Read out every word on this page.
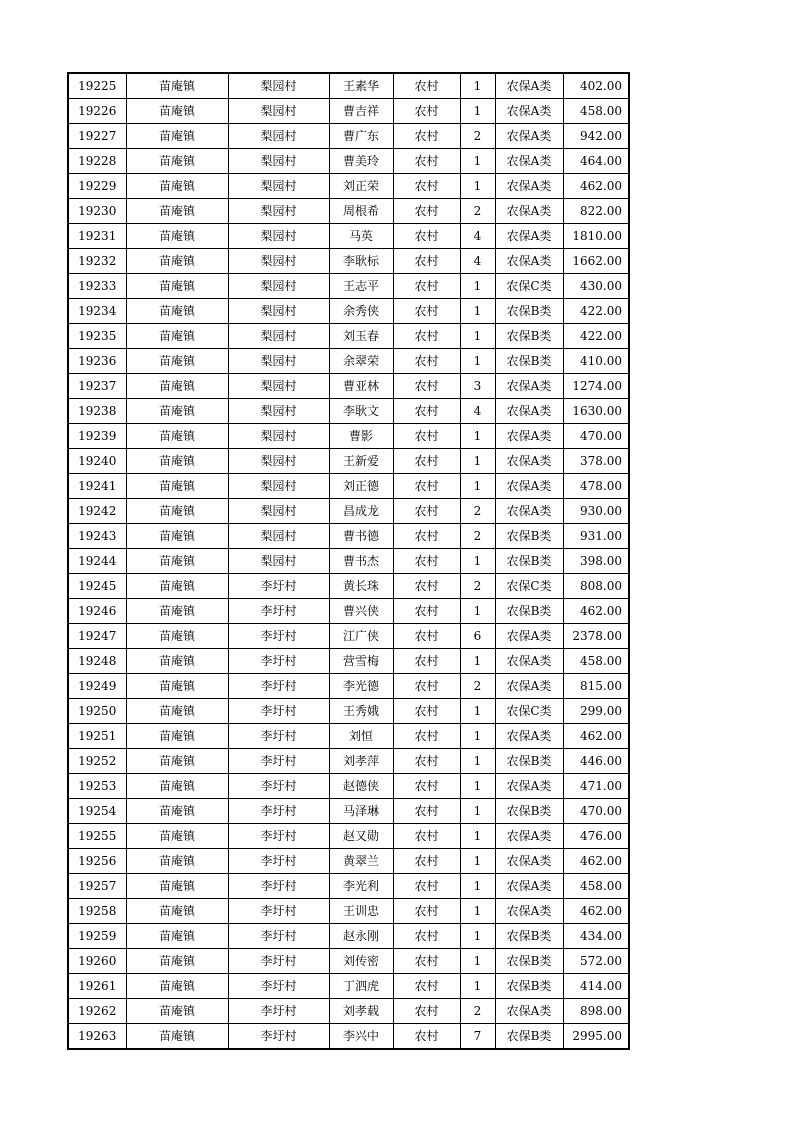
19225	苗庵镇	梨园村	王素华	农村	1	农保A类	402.00
19226	苗庵镇	梨园村	曹吉祥	农村	1	农保A类	458.00
19227	苗庵镇	梨园村	曹广东	农村	2	农保A类	942.00
19228	苗庵镇	梨园村	曹美玲	农村	1	农保A类	464.00
19229	苗庵镇	梨园村	刘正荣	农村	1	农保A类	462.00
19230	苗庵镇	梨园村	周根希	农村	2	农保A类	822.00
19231	苗庵镇	梨园村	马英	农村	4	农保A类	1810.00
19232	苗庵镇	梨园村	李耿标	农村	4	农保A类	1662.00
19233	苗庵镇	梨园村	王志平	农村	1	农保C类	430.00
19234	苗庵镇	梨园村	余秀侠	农村	1	农保B类	422.00
19235	苗庵镇	梨园村	刘玉春	农村	1	农保B类	422.00
19236	苗庵镇	梨园村	余翠荣	农村	1	农保B类	410.00
19237	苗庵镇	梨园村	曹亚林	农村	3	农保A类	1274.00
19238	苗庵镇	梨园村	李耿文	农村	4	农保A类	1630.00
19239	苗庵镇	梨园村	曹影	农村	1	农保A类	470.00
19240	苗庵镇	梨园村	王新爱	农村	1	农保A类	378.00
19241	苗庵镇	梨园村	刘正德	农村	1	农保A类	478.00
19242	苗庵镇	梨园村	昌成龙	农村	2	农保A类	930.00
19243	苗庵镇	梨园村	曹书德	农村	2	农保B类	931.00
19244	苗庵镇	梨园村	曹书杰	农村	1	农保B类	398.00
19245	苗庵镇	李圩村	黄长珠	农村	2	农保C类	808.00
19246	苗庵镇	李圩村	曹兴侠	农村	1	农保B类	462.00
19247	苗庵镇	李圩村	江广侠	农村	6	农保A类	2378.00
19248	苗庵镇	李圩村	营雪梅	农村	1	农保A类	458.00
19249	苗庵镇	李圩村	李光德	农村	2	农保A类	815.00
19250	苗庵镇	李圩村	王秀娥	农村	1	农保C类	299.00
19251	苗庵镇	李圩村	刘恒	农村	1	农保A类	462.00
19252	苗庵镇	李圩村	刘孝萍	农村	1	农保B类	446.00
19253	苗庵镇	李圩村	赵德侠	农村	1	农保A类	471.00
19254	苗庵镇	李圩村	马泽琳	农村	1	农保B类	470.00
19255	苗庵镇	李圩村	赵又勋	农村	1	农保A类	476.00
19256	苗庵镇	李圩村	黄翠兰	农村	1	农保A类	462.00
19257	苗庵镇	李圩村	李光利	农村	1	农保A类	458.00
19258	苗庵镇	李圩村	王训忠	农村	1	农保A类	462.00
19259	苗庵镇	李圩村	赵永刚	农村	1	农保B类	434.00
19260	苗庵镇	李圩村	刘传密	农村	1	农保B类	572.00
19261	苗庵镇	李圩村	丁泗虎	农村	1	农保B类	414.00
19262	苗庵镇	李圩村	刘孝载	农村	2	农保A类	898.00
19263	苗庵镇	李圩村	李兴中	农村	7	农保B类	2995.00
